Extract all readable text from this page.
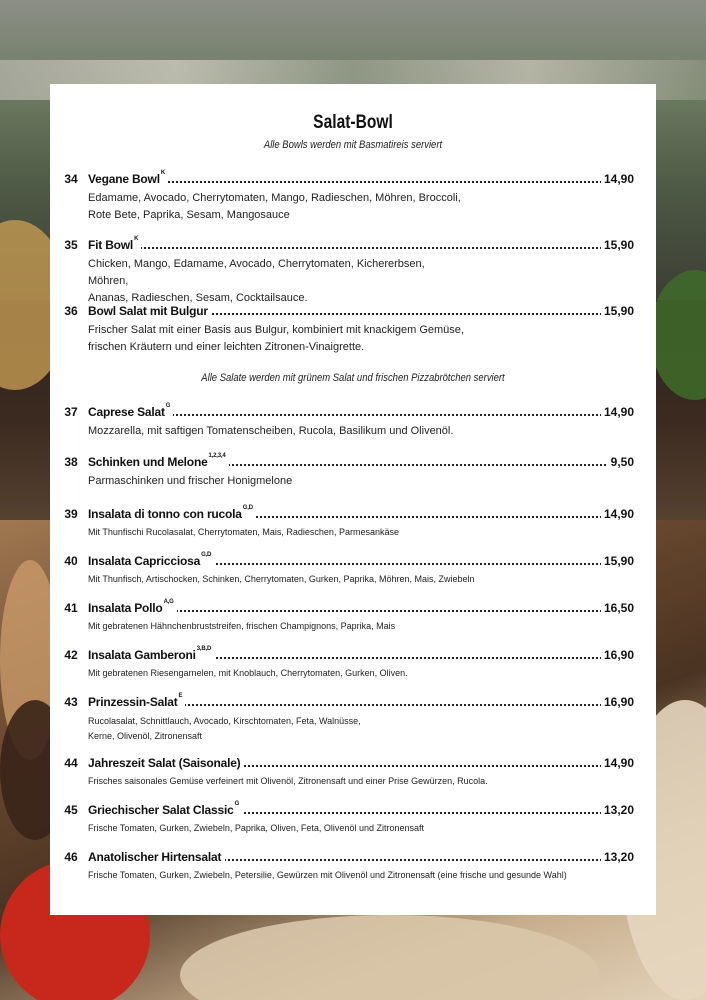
Salat-Bowl
Alle Bowls werden mit Basmatireis serviert
Alle Salate werden mit grünem Salat und frischen Pizzabrötchen serviert
34 Vegane Bowl$^K$	14,90
Edamame, Avocado, Cherrytomaten, Mango, Radieschen, Möhren, Broccoli,
Rote Bete, Paprika, Sesam, Mangosauce
35 Fit Bowl$^K$	15,90
Chicken, Mango, Edamame, Avocado, Cherrytomaten, Kichererbsen, Möhren,
Ananas, Radieschen, Sesam, Cocktailsauce.
36 Bowl Salat mit Bulgur	15,90
Frischer Salat mit einer Basis aus Bulgur, kombiniert mit knackigem Gemüse,
frischen Kräutern und einer leichten Zitronen-Vinaigrette.
37 Caprese Salat$^G$	14,90
Mozzarella, mit saftigen Tomatenscheiben, Rucola, Basilikum und Olivenöl.
38 Schinken und Melone$^{1,2,3,4}$	9,50
Parmaschinken und frischer Honigmelone
39 Insalata di tonno con rucola$^{G,D}$	14,90
Mit Thunfischi Rucolasalat, Cherrytomaten, Mais, Radieschen, Parmesankäse
40 Insalata Capricciosa$^{G,D}$	15,90
Mit Thunfisch, Artischocken, Schinken, Cherrytomaten, Gurken, Paprika, Möhren, Mais, Zwiebeln
41 Insalata Pollo$^{A,G}$	16,50
Mit gebratenen Hähnchenbruststreifen, frischen Champignons, Paprika, Mais
42 Insalata Gamberoni$^{3,B,D}$	16,90
Mit gebratenen Riesengarnelen, mit Knoblauch, Cherrytomaten, Gurken, Oliven.
43 Prinzessin-Salat$^E$	16,90
Rucolasalat, Schnittlauch, Avocado, Kirschtomaten, Feta, Walnüsse,
Kerne, Olivenöl, Zitronensaft
44 Jahreszeit Salat (Saisonale)	14,90
Frisches saisonales Gemüse verfeinert mit Olivenöl, Zitronensaft und einer Prise Gewürzen, Rucola.
45 Griechischer Salat Classic$^G$	13,20
Frische Tomaten, Gurken, Zwiebeln, Paprika, Oliven, Feta, Olivenöl und Zitronensaft
46 Anatolischer Hirtensalat	13,20
Frische Tomaten, Gurken, Zwiebeln, Petersilie, Gewürzen mit Olivenöl und Zitronensaft (eine frische und gesunde Wahl)
